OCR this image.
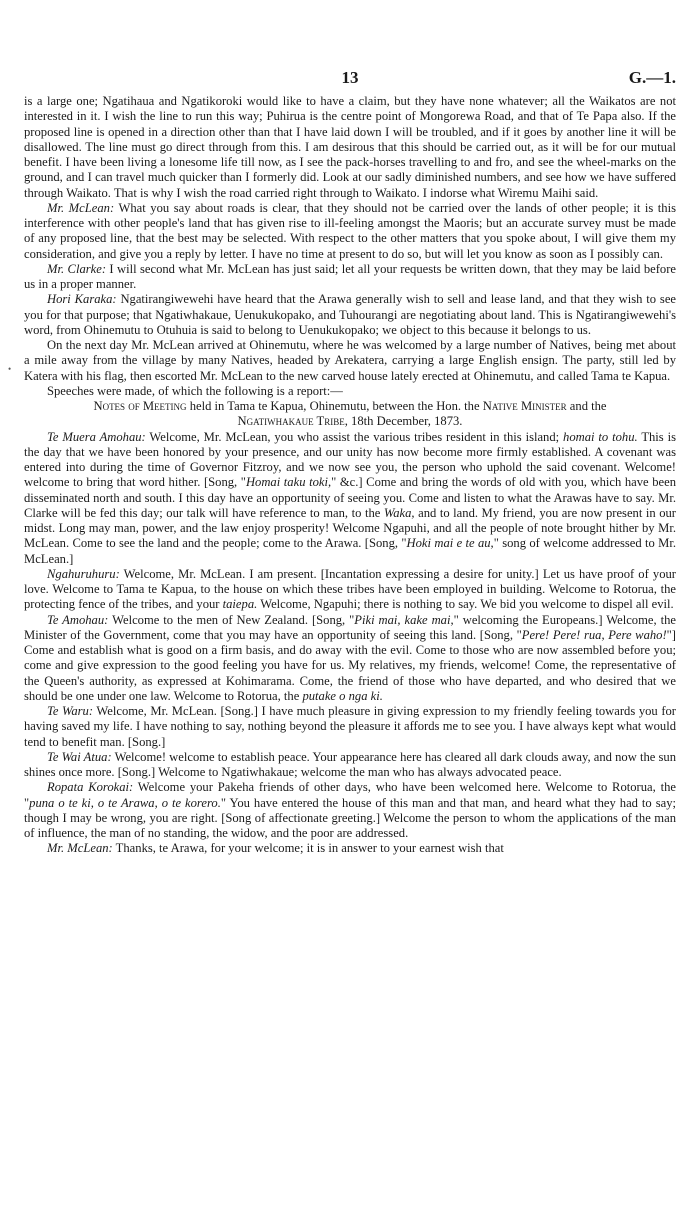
•
13	G.—1.

is a large one; Ngatihaua and Ngatikoroki would like to have a claim, but they have none whatever; all the Waikatos are not interested in it. I wish the line to run this way; Puhirua is the centre point of Mongorewa Road, and that of Te Papa also. If the proposed line is opened in a direction other than that I have laid down I will be troubled, and if it goes by another line it will be disallowed. The line must go direct through from this. I am desirous that this should be carried out, as it will be for our mutual benefit. I have been living a lonesome life till now, as I see the pack-horses travelling to and fro, and see the wheel-marks on the ground, and I can travel much quicker than I formerly did. Look at our sadly diminished numbers, and see how we have suffered through Waikato. That is why I wish the road carried right through to Waikato. I indorse what Wiremu Maihi said.

Mr. McLean: What you say about roads is clear, that they should not be carried over the lands of other people; it is this interference with other people's land that has given rise to ill-feeling amongst the Maoris; but an accurate survey must be made of any proposed line, that the best may be selected. With respect to the other matters that you spoke about, I will give them my consideration, and give you a reply by letter. I have no time at present to do so, but will let you know as soon as I possibly can.

Mr. Clarke: I will second what Mr. McLean has just said; let all your requests be written down, that they may be laid before us in a proper manner.

Hori Karaka: Ngatirangiwewehi have heard that the Arawa generally wish to sell and lease land, and that they wish to see you for that purpose; that Ngatiwhakaue, Uenukukopako, and Tuhourangi are negotiating about land. This is Ngatirangiwewehi's word, from Ohinemutu to Otuhuia is said to belong to Uenukukopako; we object to this because it belongs to us.

On the next day Mr. McLean arrived at Ohinemutu, where he was welcomed by a large number of Natives, being met about a mile away from the village by many Natives, headed by Arekatera, carrying a large English ensign. The party, still led by Katera with his flag, then escorted Mr. McLean to the new carved house lately erected at Ohinemutu, and called Tama te Kapua.

Speeches were made, of which the following is a report:—

Notes of Meeting held in Tama te Kapua, Ohinemutu, between the Hon. the Native Minister and the Ngatiwhakaue Tribe, 18th December, 1873.

Te Muera Amohau: Welcome, Mr. McLean, you who assist the various tribes resident in this island; homai to tohu. This is the day that we have been honored by your presence, and our unity has now become more firmly established. A covenant was entered into during the time of Governor Fitzroy, and we now see you, the person who uphold the said covenant. Welcome! welcome to bring that word hither. [Song, "Homai taku toki," &c.] Come and bring the words of old with you, which have been disseminated north and south. I this day have an opportunity of seeing you. Come and listen to what the Arawas have to say. Mr. Clarke will be fed this day; our talk will have reference to man, to the Waka, and to land. My friend, you are now present in our midst. Long may man, power, and the law enjoy prosperity! Welcome Ngapuhi, and all the people of note brought hither by Mr. McLean. Come to see the land and the people; come to the Arawa. [Song, "Hoki mai e te au," song of welcome addressed to Mr. McLean.]

Ngahuruhuru: Welcome, Mr. McLean. I am present. [Incantation expressing a desire for unity.] Let us have proof of your love. Welcome to Tama te Kapua, to the house on which these tribes have been employed in building. Welcome to Rotorua, the protecting fence of the tribes, and your taiepa. Welcome, Ngapuhi; there is nothing to say. We bid you welcome to dispel all evil.

Te Amohau: Welcome to the men of New Zealand. [Song, "Piki mai, kake mai," welcoming the Europeans.] Welcome, the Minister of the Government, come that you may have an opportunity of seeing this land. [Song, "Pere! Pere! rua, Pere waho!"] Come and establish what is good on a firm basis, and do away with the evil. Come to those who are now assembled before you; come and give expression to the good feeling you have for us. My relatives, my friends, welcome! Come, the representative of the Queen's authority, as expressed at Kohimarama. Come, the friend of those who have departed, and who desired that we should be one under one law. Welcome to Rotorua, the putake o nga ki.

Te Waru: Welcome, Mr. McLean. [Song.] I have much pleasure in giving expression to my friendly feeling towards you for having saved my life. I have nothing to say, nothing beyond the pleasure it affords me to see you. I have always kept what would tend to benefit man. [Song.]

Te Wai Atua: Welcome! welcome to establish peace. Your appearance here has cleared all dark clouds away, and now the sun shines once more. [Song.] Welcome to Ngatiwhakaue; welcome the man who has always advocated peace.

Ropata Korokai: Welcome your Pakeha friends of other days, who have been welcomed here. Welcome to Rotorua, the "puna o te ki, o te Arawa, o te korero." You have entered the house of this man and that man, and heard what they had to say; though I may be wrong, you are right. [Song of affectionate greeting.] Welcome the person to whom the applications of the man of influence, the man of no standing, the widow, and the poor are addressed.

Mr. McLean: Thanks, te Arawa, for your welcome; it is in answer to your earnest wish that
